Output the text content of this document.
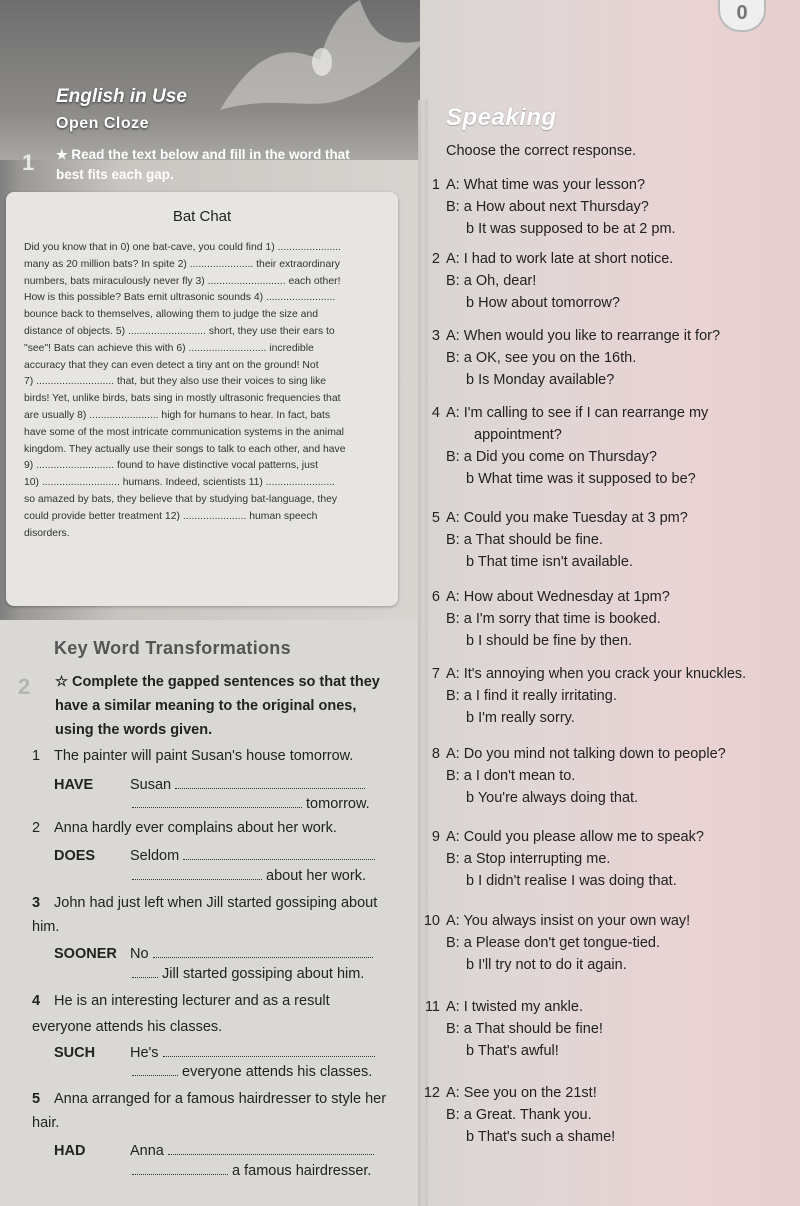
0
English in Use
Open Cloze
1 ★ Read the text below and fill in the word that best fits each gap.
Bat Chat

Did you know that in 0) one bat-cave, you could find 1) ......................

many as 20 million bats? In spite 2) ...................... their extraordinary

numbers, bats miraculously never fly 3) ........................... each other!

How is this possible? Bats emit ultrasonic sounds 4) ........................

bounce back to themselves, allowing them to judge the size and

distance of objects. 5) ........................... short, they use their ears to

"see"! Bats can achieve this with 6) ........................... incredible

accuracy that they can even detect a tiny ant on the ground! Not

7) ........................... that, but they also use their voices to sing like

birds! Yet, unlike birds, bats sing in mostly ultrasonic frequencies that

are usually 8) ........................ high for humans to hear. In fact, bats

have some of the most intricate communication systems in the animal

kingdom. They actually use their songs to talk to each other, and have

9) ........................... found to have distinctive vocal patterns, just

10) ........................... humans. Indeed, scientists 11) ........................

so amazed by bats, they believe that by studying bat-language, they

could provide better treatment 12) ...................... human speech

disorders.

Key Word Transformations
2 ☆ Complete the gapped sentences so that they have a similar meaning to the original ones, using the words given.
1 The painter will paint Susan's house tomorrow.
HAVE	Susan
tomorrow.
2 Anna hardly ever complains about her work.
DOES Seldom
about her work.
3 John had just left when Jill started gossiping about him.
SOONER No
Jill started gossiping about him.
4 He is an interesting lecturer and as a result everyone attends his classes.
SUCH He's
everyone attends his classes.
5 Anna arranged for a famous hairdresser to style her hair.
HAD	Anna
a famous hairdresser.
Speaking
Choose the correct response.
1 A: What time was your lesson?
B: a How about next Thursday?
b It was supposed to be at 2 pm.
2 A: I had to work late at short notice.
B: a Oh, dear!
b How about tomorrow?
3 A: When would you like to rearrange it for?
B: a OK, see you on the 16th.
b Is Monday available?
4 A: I'm calling to see if I can rearrange my
appointment?
B: a Did you come on Thursday?
b What time was it supposed to be?
5 A: Could you make Tuesday at 3 pm?
B: a That should be fine.
b That time isn't available.
6 A: How about Wednesday at 1pm?
B: a I'm sorry that time is booked.
b I should be fine by then.
7 A: It's annoying when you crack your knuckles.
B: a I find it really irritating.
b I'm really sorry.
8 A: Do you mind not talking down to people?
B: a I don't mean to.
b You're always doing that.
9 A: Could you please allow me to speak?
B: a Stop interrupting me.
b I didn't realise I was doing that.
10 A: You always insist on your own way!
B: a Please don't get tongue-tied.
b I'll try not to do it again.
11 A: I twisted my ankle.
B: a That should be fine!
b That's awful!
12 A: See you on the 21st!
B: a Great. Thank you.
b That's such a shame!
